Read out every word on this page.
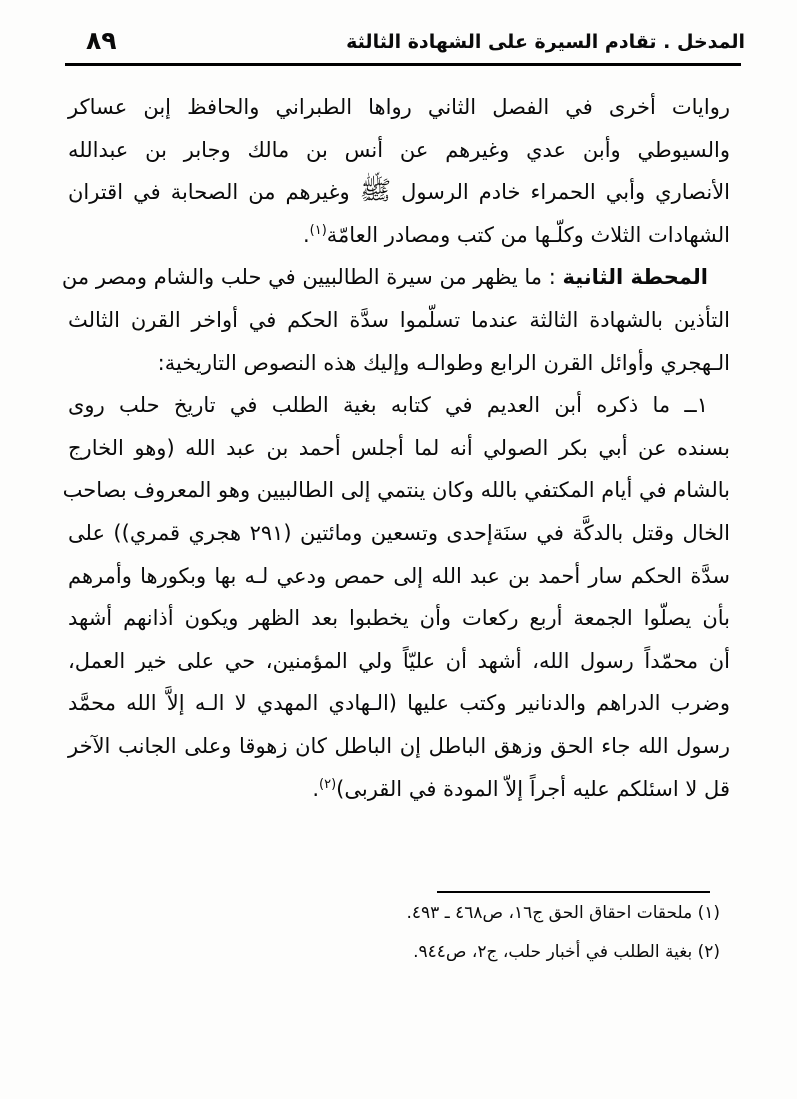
٨٩	المدخل . تقادم السيرة على الشهادة الثالثة
روايات أخرى في الفصل الثاني رواها الطبراني والحافظ إبن عساكر
والسيوطي وأبن عدي وغيرهم عن أنس بن مالك وجابر بن عبدالله
الأنصاري وأبي الحمراء خادم الرسول ﷺ وغيرهم من الصحابة في اقتران
الشهادات الثلاث وكلّـها من كتب ومصادر العامّة$^{(١)}$.
المحطة الثانية : ما يظهر من سيرة الطالبيين في حلب والشام ومصر من
التأذين بالشهادة الثالثة عندما تسلّموا سدَّة الحكم في أواخر القرن الثالث
الـهجري وأوائل القرن الرابع وطوالـه وإليك هذه النصوص التاريخية:
١ــ ما ذكره أبن العديم في كتابه بغية الطلب في تاريخ حلب روى
بسنده عن أبي بكر الصولي أنه لما أجلس أحمد بن عبد الله (وهو الخارج
بالشام في أيام المكتفي بالله وكان ينتمي إلى الطالبيين وهو المعروف بصاحب
الخال وقتل بالدكَّة في سنَةإحدى وتسعين ومائتين (٢٩١ هجري قمري)) على
سدَّة الحكم سار أحمد بن عبد الله إلى حمص ودعي لـه بها وبكورها وأمرهم
بأن يصلّوا الجمعة أربع ركعات وأن يخطبوا بعد الظهر ويكون أذانهم أشهد
أن محمّداً رسول الله، أشهد أن عليّاً ولي المؤمنين، حي على خير العمل،
وضرب الدراهم والدنانير وكتب عليها (الـهادي المهدي لا الـه إلاَّ الله محمَّد
رسول الله جاء الحق وزهق الباطل إن الباطل كان زهوقا وعلى الجانب الآخر
قل لا اسئلكم عليه أجراً إلاّ المودة في القربى)$^{(٢)}$.
(١) ملحقات احقاق الحق ج١٦، ص٤٦٨ ـ ٤٩٣.
(٢) بغية الطلب في أخبار حلب، ج٢، ص٩٤٤.
